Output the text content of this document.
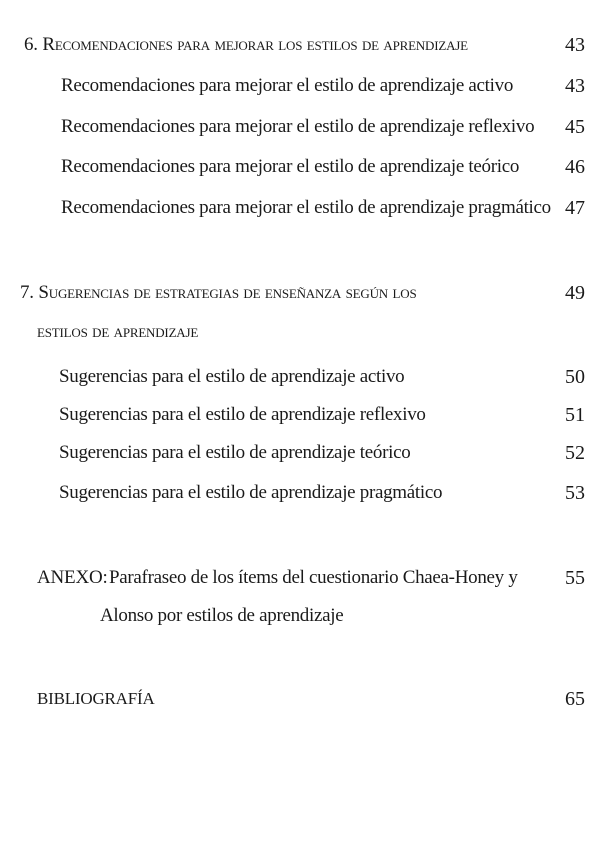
6. Recomendaciones para mejorar los estilos de aprendizaje	43
Recomendaciones para mejorar el estilo de aprendizaje activo	43
Recomendaciones para mejorar el estilo de aprendizaje reflexivo	45
Recomendaciones para mejorar el estilo de aprendizaje teórico	46
Recomendaciones para mejorar el estilo de aprendizaje pragmático 47
7. Sugerencias de estrategias de enseñanza según los	49
estilos de aprendizaje
Sugerencias para el estilo de aprendizaje activo	50
Sugerencias para el estilo de aprendizaje reflexivo	51
Sugerencias para el estilo de aprendizaje teórico	52
Sugerencias para el estilo de aprendizaje pragmático	53
ANEXO: Parafraseo de los ítems del cuestionario Chaea-Honey y	55
Alonso por estilos de aprendizaje
BIBLIOGRAFÍA	65
